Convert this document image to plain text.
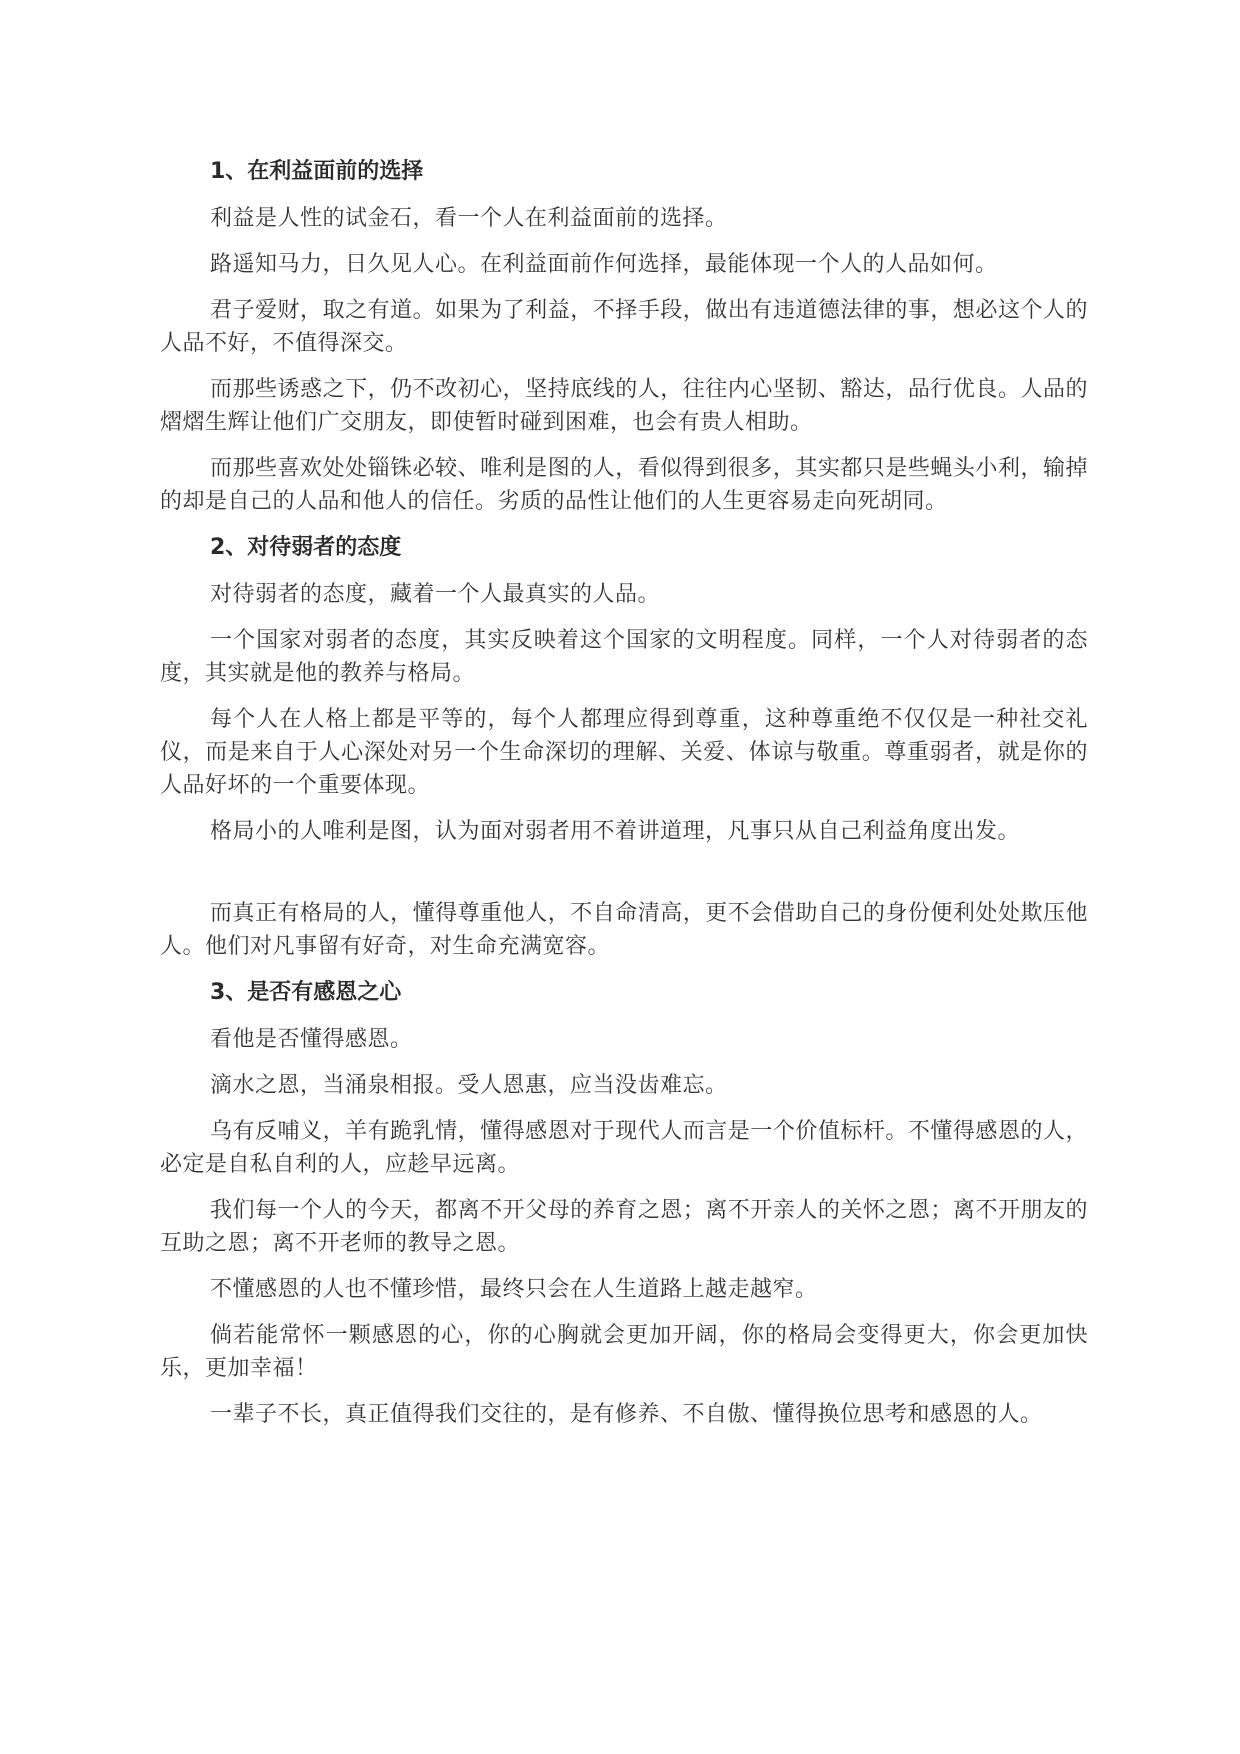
1、在利益面前的选择

利益是人性的试金石，看一个人在利益面前的选择。

路遥知马力，日久见人心。在利益面前作何选择，最能体现一个人的人品如何。

君子爱财，取之有道。如果为了利益，不择手段，做出有违道德法律的事，想必这个人的人品不好，不值得深交。

而那些诱惑之下，仍不改初心，坚持底线的人，往往内心坚韧、豁达，品行优良。人品的熠熠生辉让他们广交朋友，即使暂时碰到困难，也会有贵人相助。

而那些喜欢处处锱铢必较、唯利是图的人，看似得到很多，其实都只是些蝇头小利，输掉的却是自己的人品和他人的信任。劣质的品性让他们的人生更容易走向死胡同。

2、对待弱者的态度

对待弱者的态度，藏着一个人最真实的人品。

一个国家对弱者的态度，其实反映着这个国家的文明程度。同样，一个人对待弱者的态度，其实就是他的教养与格局。

每个人在人格上都是平等的，每个人都理应得到尊重，这种尊重绝不仅仅是一种社交礼仪，而是来自于人心深处对另一个生命深切的理解、关爱、体谅与敬重。尊重弱者，就是你的人品好坏的一个重要体现。

格局小的人唯利是图，认为面对弱者用不着讲道理，凡事只从自己利益角度出发。

而真正有格局的人，懂得尊重他人，不自命清高，更不会借助自己的身份便利处处欺压他人。他们对凡事留有好奇，对生命充满宽容。

3、是否有感恩之心

看他是否懂得感恩。

滴水之恩，当涌泉相报。受人恩惠，应当没齿难忘。

乌有反哺义，羊有跪乳情，懂得感恩对于现代人而言是一个价值标杆。不懂得感恩的人，必定是自私自利的人，应趁早远离。

我们每一个人的今天，都离不开父母的养育之恩；离不开亲人的关怀之恩；离不开朋友的互助之恩；离不开老师的教导之恩。

不懂感恩的人也不懂珍惜，最终只会在人生道路上越走越窄。

倘若能常怀一颗感恩的心，你的心胸就会更加开阔，你的格局会变得更大，你会更加快乐，更加幸福！

一辈子不长，真正值得我们交往的，是有修养、不自傲、懂得换位思考和感恩的人。
